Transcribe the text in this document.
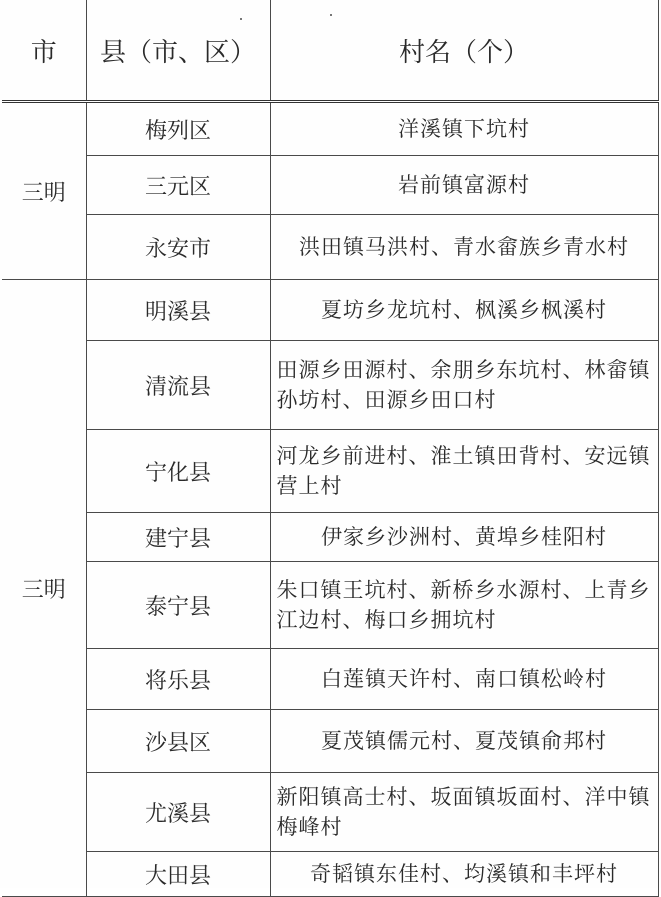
市	县（市、区）	村名（个）
三明	梅列区	洋溪镇下坑村
	三元区	岩前镇富源村
	永安市	洪田镇马洪村、青水畲族乡青水村
三明	明溪县	夏坊乡龙坑村、枫溪乡枫溪村
	清流县	田源乡田源村、余朋乡东坑村、林畲镇孙坊村、田源乡田口村
	宁化县	河龙乡前进村、淮土镇田背村、安远镇营上村
	建宁县	伊家乡沙洲村、黄埠乡桂阳村
	泰宁县	朱口镇王坑村、新桥乡水源村、上青乡江边村、梅口乡拥坑村
	将乐县	白莲镇天许村、南口镇松岭村
	沙县区	夏茂镇儒元村、夏茂镇俞邦村
	尤溪县	新阳镇高士村、坂面镇坂面村、洋中镇梅峰村
	大田县	奇韬镇东佳村、均溪镇和丰坪村
